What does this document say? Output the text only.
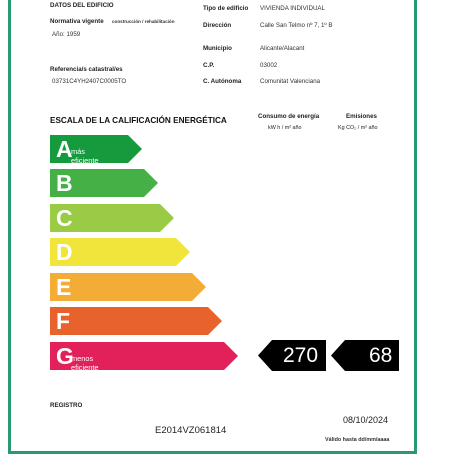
DATOS DEL EDIFICIO
Normativa vigente construcción / rehabilitación
Año: 1959
Referencia/s catastral/es
03731C4YH2407C0005TO
Tipo de edificio VIVIENDA INDIVIDUAL
Dirección	Calle San Telmo nº 7, 1º B
Municipio	Alicante/Alacant
C.P.	03002
C. Autónoma	Comunitat Valenciana
ESCALA DE LA CALIFICACIÓN ENERGÉTICA	Consumo de energía
kW h / m² año
Emisiones
Kg CO₂ / m² año
A
más eficiente
B
C
D
E
F
G
menos eficiente
270 68
REGISTRO
E2014VZ061814
08/10/2024
Válido hasta dd/mm/aaaa
